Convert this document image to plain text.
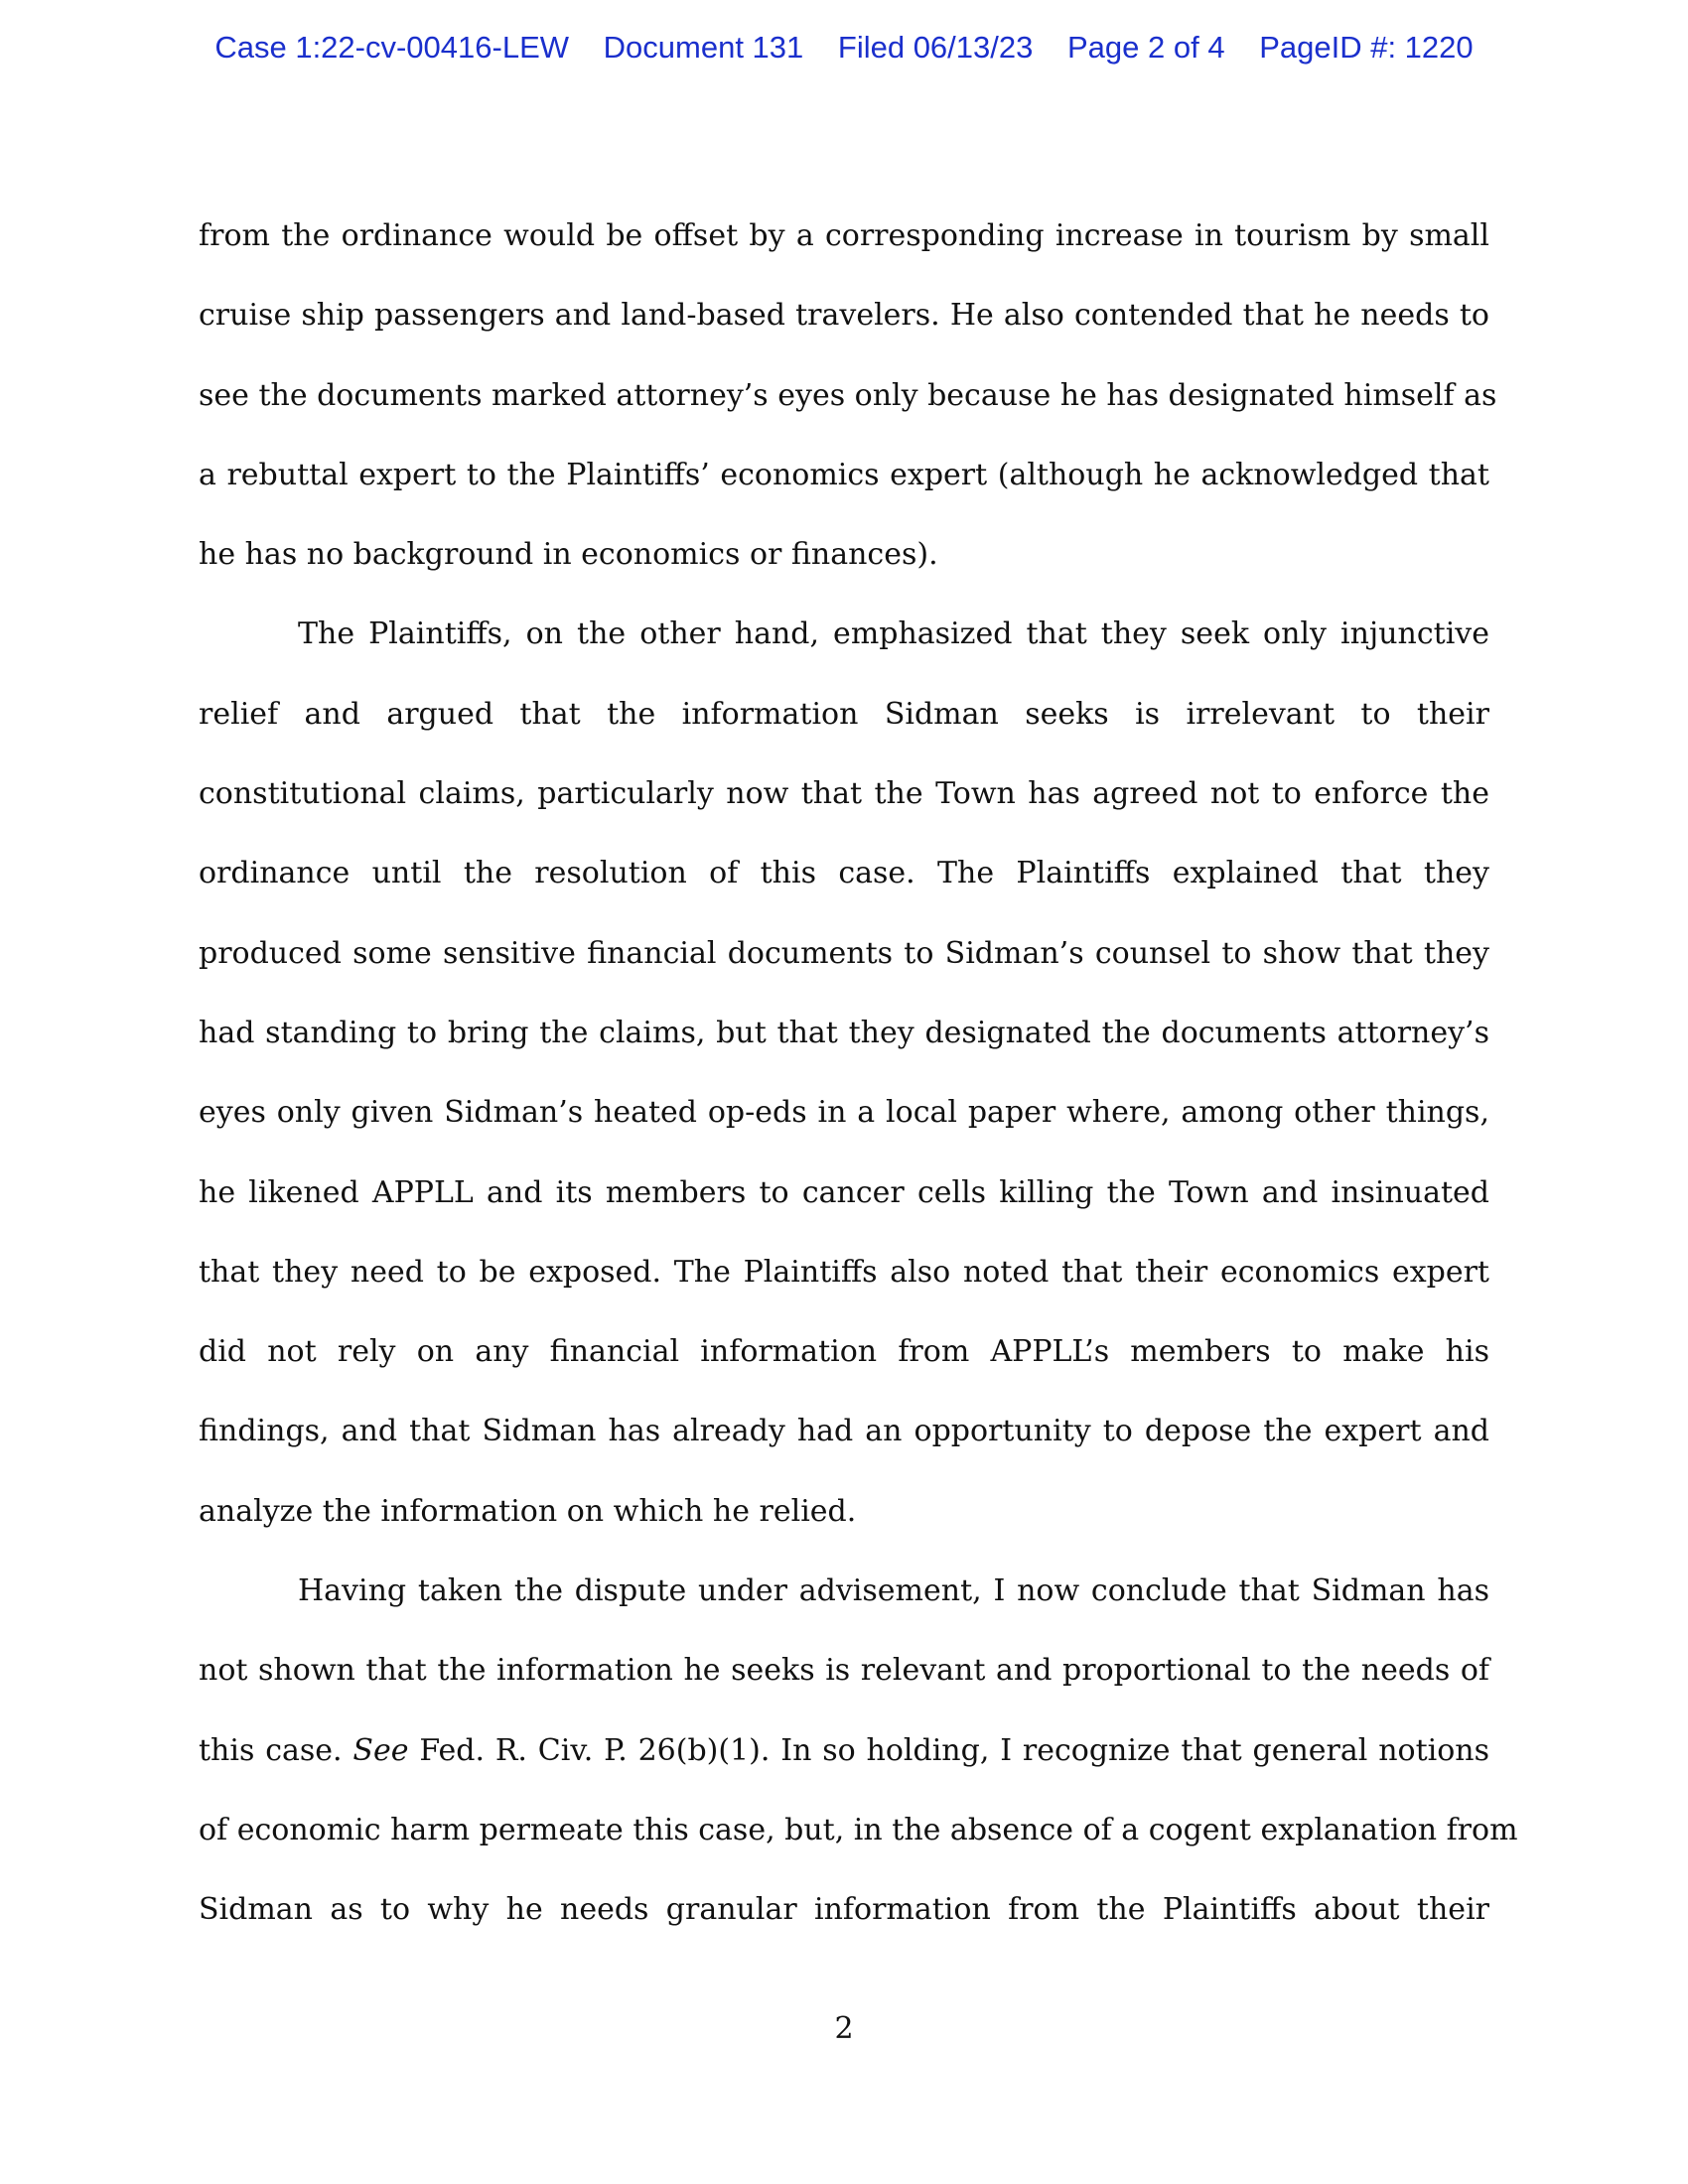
Case 1:22-cv-00416-LEW Document 131 Filed 06/13/23 Page 2 of 4 PageID #: 1220

from the ordinance would be offset by a corresponding increase in tourism by small
cruise ship passengers and land-based travelers. He also contended that he needs to
see the documents marked attorney’s eyes only because he has designated himself as
a rebuttal expert to the Plaintiffs’ economics expert (although he acknowledged that
he has no background in economics or finances).

The Plaintiffs, on the other hand, emphasized that they seek only injunctive
relief and argued that the information Sidman seeks is irrelevant to their
constitutional claims, particularly now that the Town has agreed not to enforce the
ordinance until the resolution of this case. The Plaintiffs explained that they
produced some sensitive financial documents to Sidman’s counsel to show that they
had standing to bring the claims, but that they designated the documents attorney’s
eyes only given Sidman’s heated op-eds in a local paper where, among other things,
he likened APPLL and its members to cancer cells killing the Town and insinuated
that they need to be exposed. The Plaintiffs also noted that their economics expert
did not rely on any financial information from APPLL’s members to make his
findings, and that Sidman has already had an opportunity to depose the expert and
analyze the information on which he relied.

Having taken the dispute under advisement, I now conclude that Sidman has
not shown that the information he seeks is relevant and proportional to the needs of
this case. See Fed. R. Civ. P. 26(b)(1). In so holding, I recognize that general notions
of economic harm permeate this case, but, in the absence of a cogent explanation from
Sidman as to why he needs granular information from the Plaintiffs about their

2
